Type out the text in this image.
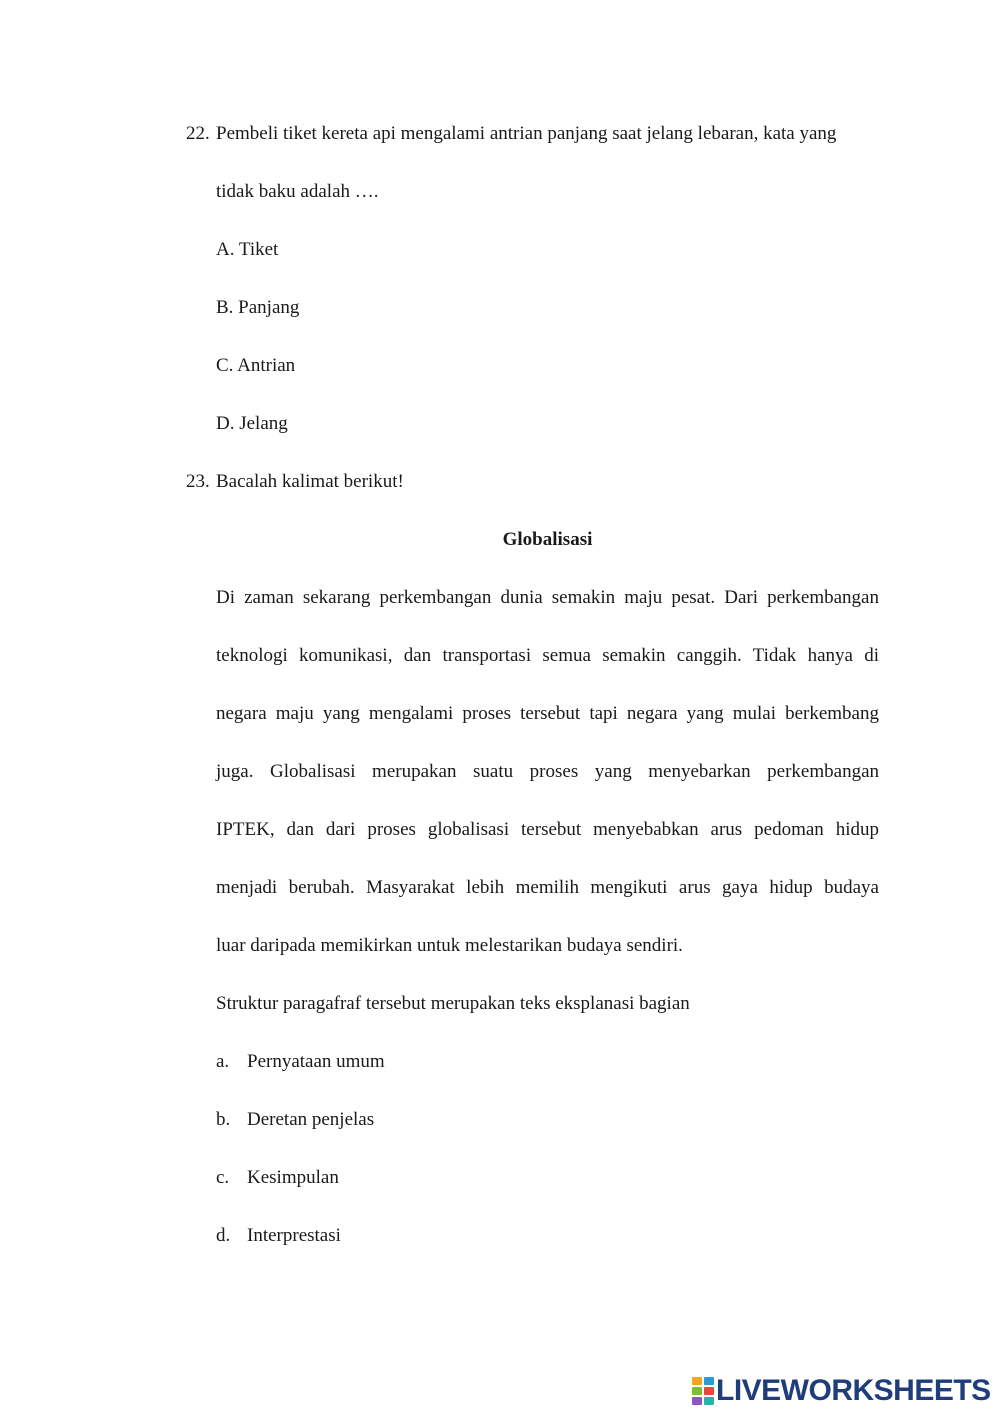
22. Pembeli tiket kereta api mengalami antrian panjang saat jelang lebaran, kata yang
tidak baku adalah ….
A. Tiket
B. Panjang
C. Antrian
D. Jelang
23. Bacalah kalimat berikut!
Globalisasi
Di zaman sekarang perkembangan dunia semakin maju pesat. Dari perkembangan
teknologi komunikasi, dan transportasi semua semakin canggih. Tidak hanya di
negara maju yang mengalami proses tersebut tapi negara yang mulai berkembang
juga. Globalisasi merupakan suatu proses yang menyebarkan perkembangan
IPTEK, dan dari proses globalisasi tersebut menyebabkan arus pedoman hidup
menjadi berubah. Masyarakat lebih memilih mengikuti arus gaya hidup budaya
luar daripada memikirkan untuk melestarikan budaya sendiri.
Struktur paragafraf tersebut merupakan teks eksplanasi bagian
a. Pernyataan umum
b. Deretan penjelas
c. Kesimpulan
d. Interprestasi
LIVEWORKSHEETS
